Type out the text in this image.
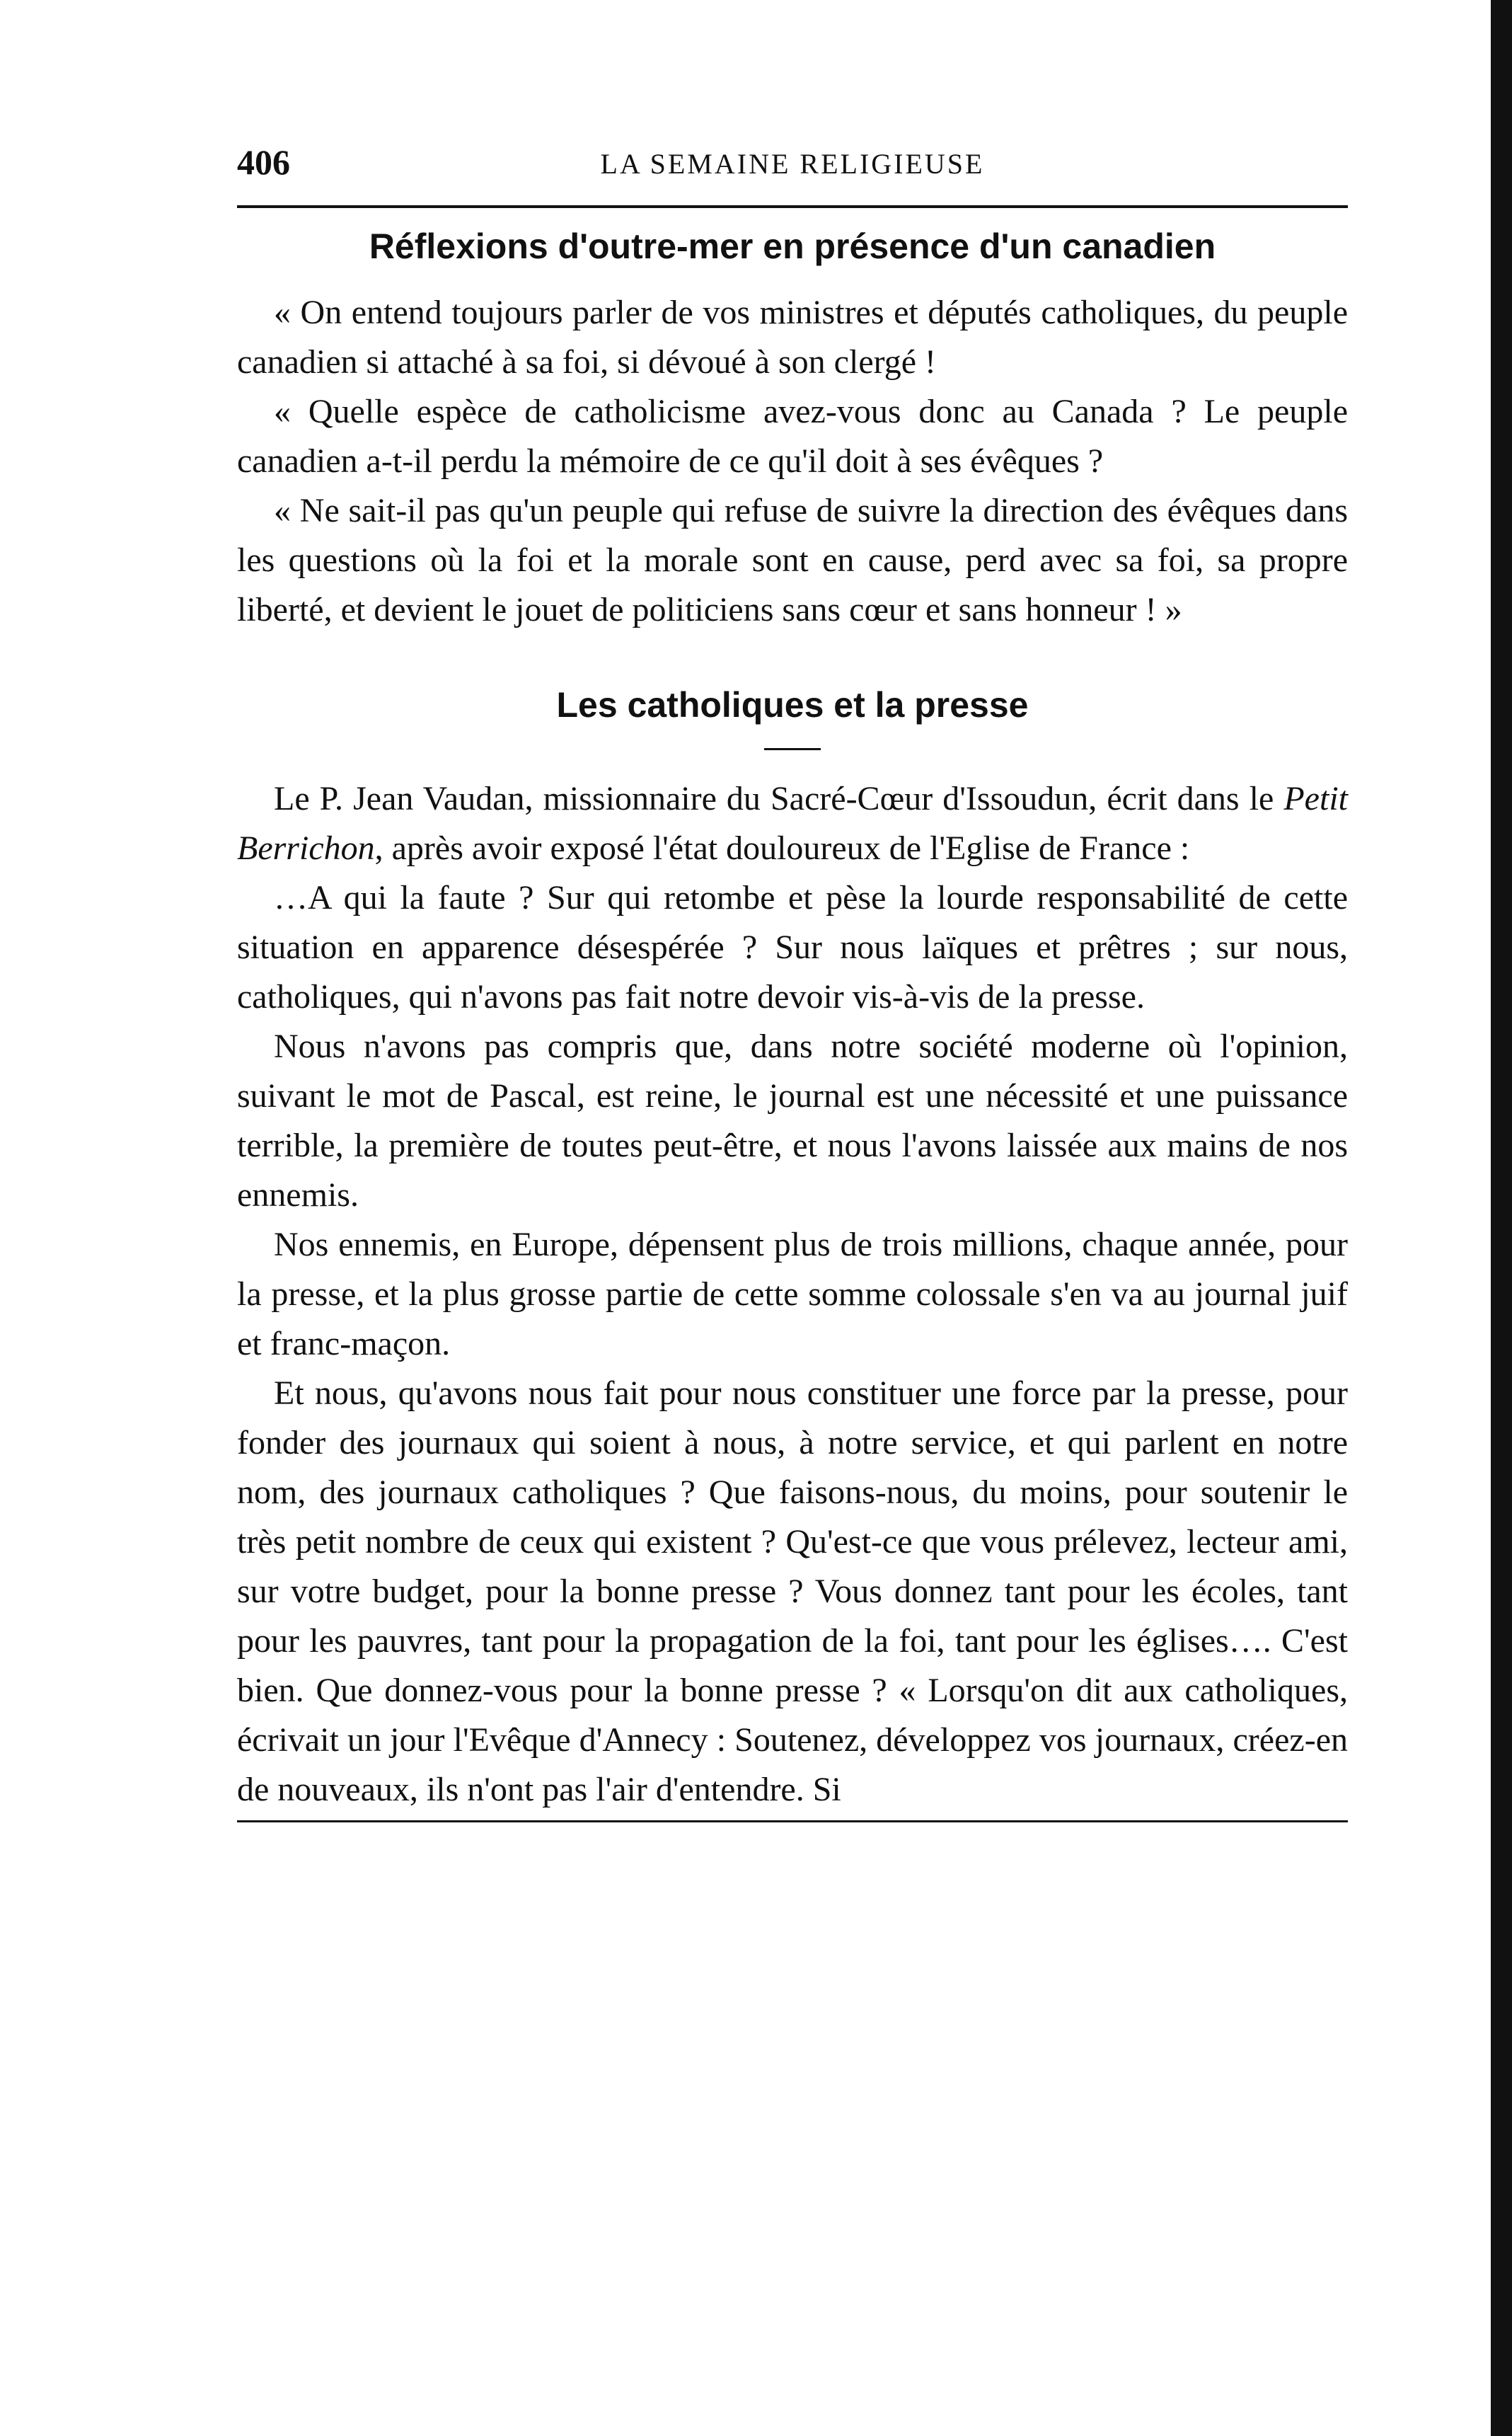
406	LA SEMAINE RELIGIEUSE
Réflexions d'outre-mer en présence d'un canadien

« On entend toujours parler de vos ministres et députés catholiques, du peuple canadien si attaché à sa foi, si dévoué à son clergé !

« Quelle espèce de catholicisme avez-vous donc au Canada ? Le peuple canadien a-t-il perdu la mémoire de ce qu'il doit à ses évêques ?

« Ne sait-il pas qu'un peuple qui refuse de suivre la direction des évêques dans les questions où la foi et la morale sont en cause, perd avec sa foi, sa propre liberté, et devient le jouet de politiciens sans cœur et sans honneur ! »

Les catholiques et la presse

Le P. Jean Vaudan, missionnaire du Sacré-Cœur d'Issoudun, écrit dans le Petit Berrichon, après avoir exposé l'état douloureux de l'Eglise de France :

…A qui la faute ? Sur qui retombe et pèse la lourde responsabilité de cette situation en apparence désespérée ? Sur nous laïques et prêtres ; sur nous, catholiques, qui n'avons pas fait notre devoir vis-à-vis de la presse.

Nous n'avons pas compris que, dans notre société moderne où l'opinion, suivant le mot de Pascal, est reine, le journal est une nécessité et une puissance terrible, la première de toutes peut-être, et nous l'avons laissée aux mains de nos ennemis.

Nos ennemis, en Europe, dépensent plus de trois millions, chaque année, pour la presse, et la plus grosse partie de cette somme colossale s'en va au journal juif et franc-maçon.

Et nous, qu'avons nous fait pour nous constituer une force par la presse, pour fonder des journaux qui soient à nous, à notre service, et qui parlent en notre nom, des journaux catholiques ? Que faisons-nous, du moins, pour soutenir le très petit nombre de ceux qui existent ? Qu'est-ce que vous prélevez, lecteur ami, sur votre budget, pour la bonne presse ? Vous donnez tant pour les écoles, tant pour les pauvres, tant pour la propagation de la foi, tant pour les églises…. C'est bien. Que donnez-vous pour la bonne presse ? « Lorsqu'on dit aux catholiques, écrivait un jour l'Evêque d'Annecy : Soutenez, développez vos journaux, créez-en de nouveaux, ils n'ont pas l'air d'entendre. Si
